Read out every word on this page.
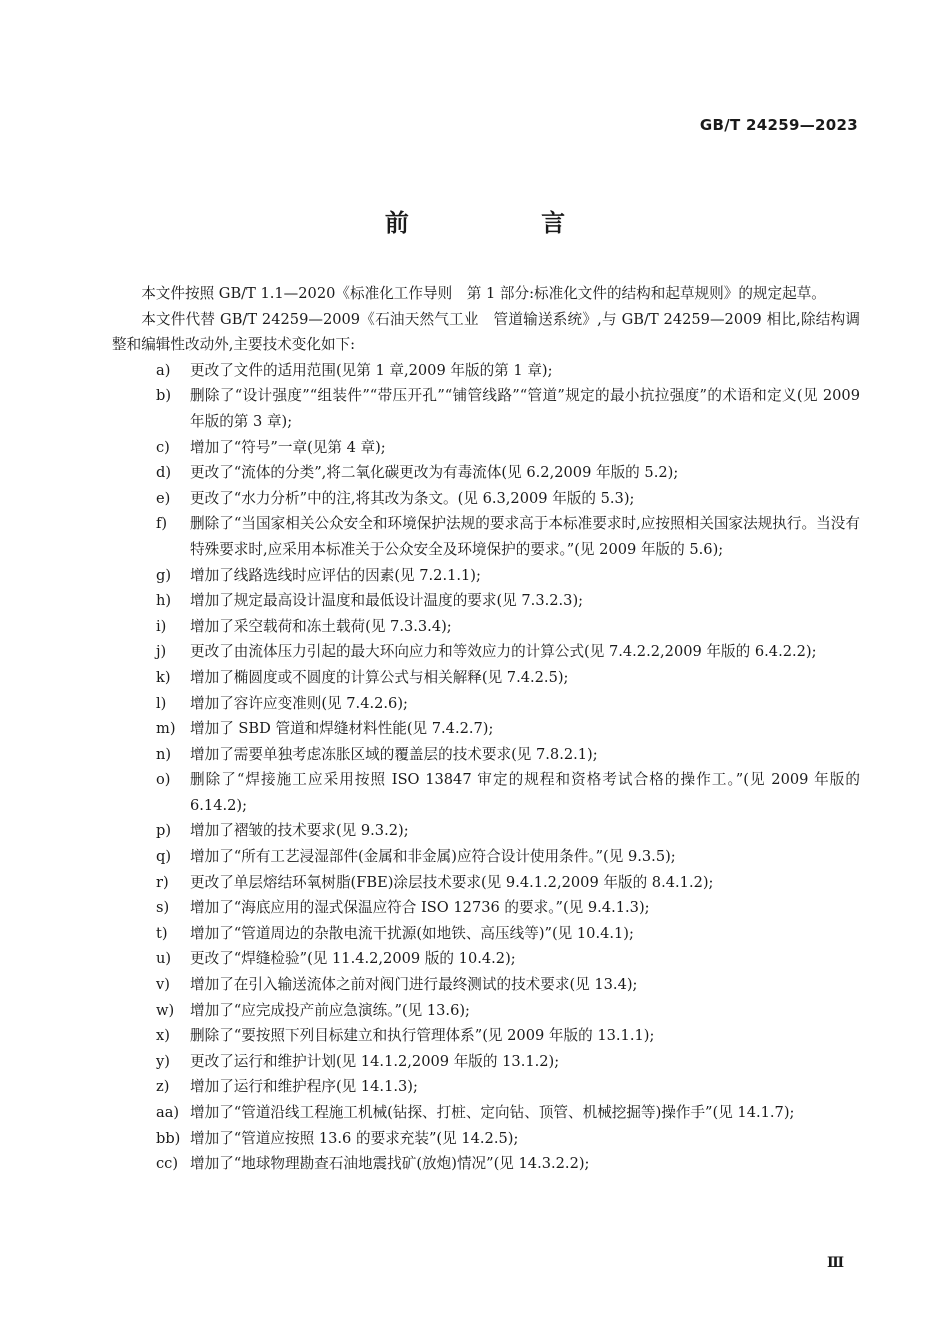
GB/T 24259—2023
前 言

本文件按照 GB/T 1.1—2020《标准化工作导则　第 1 部分:标准化文件的结构和起草规则》的规定起草。

本文件代替 GB/T 24259—2009《石油天然气工业　管道输送系统》,与 GB/T 24259—2009 相比,除结构调整和编辑性改动外,主要技术变化如下:

a)	更改了文件的适用范围(见第 1 章,2009 年版的第 1 章);
b)	删除了“设计强度”“组装件”“带压开孔”“铺管线路”“管道”规定的最小抗拉强度”的术语和定义(见 2009 年版的第 3 章);
c)	增加了“符号”一章(见第 4 章);
d)	更改了“流体的分类”,将二氧化碳更改为有毒流体(见 6.2,2009 年版的 5.2);
e)	更改了“水力分析”中的注,将其改为条文。(见 6.3,2009 年版的 5.3);
f)	删除了“当国家相关公众安全和环境保护法规的要求高于本标准要求时,应按照相关国家法规执行。当没有特殊要求时,应采用本标准关于公众安全及环境保护的要求。”(见 2009 年版的 5.6);
g)	增加了线路选线时应评估的因素(见 7.2.1.1);
h)	增加了规定最高设计温度和最低设计温度的要求(见 7.3.2.3);
i)	增加了采空载荷和冻土载荷(见 7.3.3.4);
j)	更改了由流体压力引起的最大环向应力和等效应力的计算公式(见 7.4.2.2,2009 年版的 6.4.2.2);
k)	增加了椭圆度或不圆度的计算公式与相关解释(见 7.4.2.5);
l)	增加了容许应变准则(见 7.4.2.6);
m) 增加了 SBD 管道和焊缝材料性能(见 7.4.2.7);
n)	增加了需要单独考虑冻胀区域的覆盖层的技术要求(见 7.8.2.1);
o)	删除了“焊接施工应采用按照 ISO 13847 审定的规程和资格考试合格的操作工。”(见 2009 年版的 6.14.2);
p)	增加了褶皱的技术要求(见 9.3.2);
q)	增加了“所有工艺浸湿部件(金属和非金属)应符合设计使用条件。”(见 9.3.5);
r)	更改了单层熔结环氧树脂(FBE)涂层技术要求(见 9.4.1.2,2009 年版的 8.4.1.2);
s)	增加了“海底应用的湿式保温应符合 ISO 12736 的要求。”(见 9.4.1.3);
t)	增加了“管道周边的杂散电流干扰源(如地铁、高压线等)”(见 10.4.1);
u)	更改了“焊缝检验”(见 11.4.2,2009 版的 10.4.2);
v)	增加了在引入输送流体之前对阀门进行最终测试的技术要求(见 13.4);
w)	增加了“应完成投产前应急演练。”(见 13.6);
x)	删除了“要按照下列目标建立和执行管理体系”(见 2009 年版的 13.1.1);
y)	更改了运行和维护计划(见 14.1.2,2009 年版的 13.1.2);
z)	增加了运行和维护程序(见 14.1.3);
aa) 增加了“管道沿线工程施工机械(钻探、打桩、定向钻、顶管、机械挖掘等)操作手”(见 14.1.7);
bb) 增加了“管道应按照 13.6 的要求充装”(见 14.2.5);
cc) 增加了“地球物理勘查石油地震找矿(放炮)情况”(见 14.3.2.2);
Ⅲ
